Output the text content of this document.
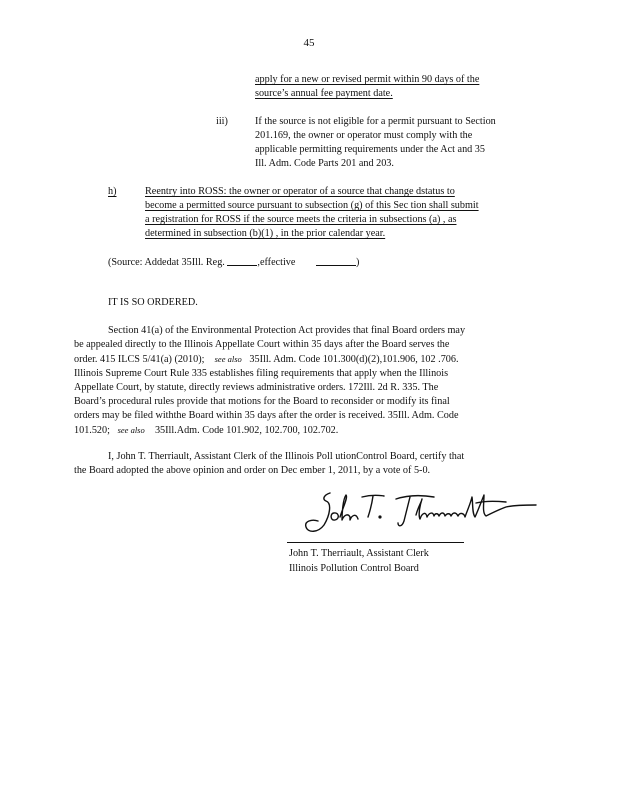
45
apply for a new or revised permit within 90 days of the
source’s annual fee payment date.
iii)	If the source is not eligible for a permit pursuant to Section
201.169, the owner or operator must comply with the
applicable permitting requirements under the Act and 35
Ill. Adm. Code Parts 201 and 203.
h)	Reentry into ROSS: the owner or operator of a source that change dstatus to
become a permitted source pursuant to subsection (g) of this Sec tion shall submit
a registration for ROSS if the source meets the criteria in subsections (a) , as
determined in subsection (b)(1) , in the prior calendar year.
(Source: Addedat 35Ill. Reg.	,effective	)
IT IS SO ORDERED.
Section 41(a) of the Environmental Protection Act provides that final Board orders may
be appealed directly to the Illinois Appellate Court within 35 days after the Board serves the
order. 415 ILCS 5/41(a) (2010); see also 35Ill. Adm. Code 101.300(d)(2),101.906, 102 .706.
Illinois Supreme Court Rule 335 establishes filing requirements that apply when the Illinois
Appellate Court, by statute, directly reviews administrative orders. 172Ill. 2d R. 335. The
Board’s procedural rules provide that motions for the Board to reconsider or modify its final
orders may be filed withthe Board within 35 days after the order is received. 35Ill. Adm. Code
101.520; see also 35Ill.Adm. Code 101.902, 102.700, 102.702.
I, John T. Therriault, Assistant Clerk of the Illinois Poll utionControl Board, certify that
the Board adopted the above opinion and order on Dec ember 1, 2011, by a vote of 5-0.
John T. Therriault, Assistant Clerk
Illinois Pollution Control Board
